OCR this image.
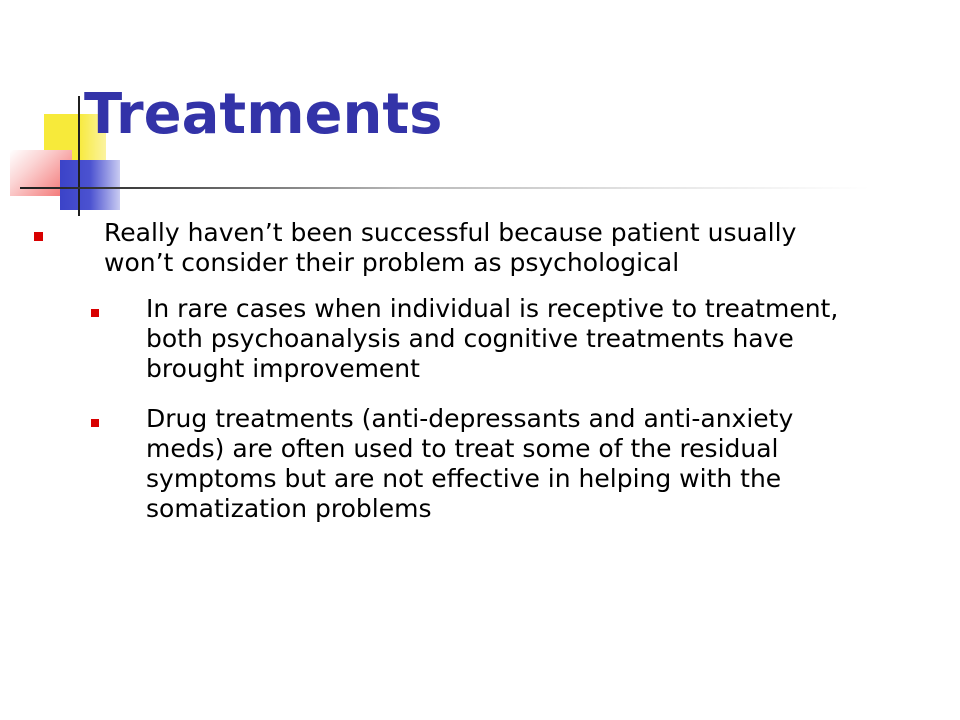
Treatments
Really haven’t been successful because patient usually won’t consider their problem as psychological
In rare cases when individual is receptive to treatment, both psychoanalysis and cognitive treatments have brought improvement
Drug treatments (anti-depressants and anti-anxiety meds) are often used to treat some of the residual symptoms but are not effective in helping with the somatization problems
